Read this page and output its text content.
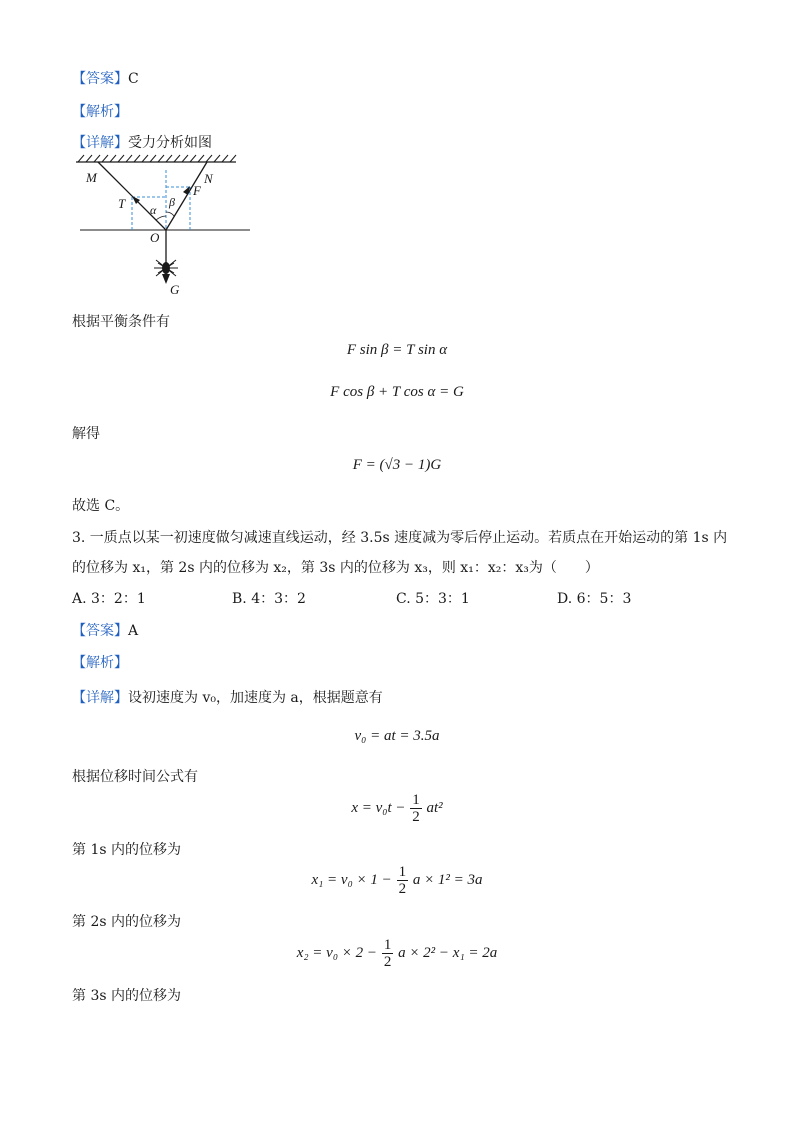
【答案】C
【解析】
【详解】受力分析如图
M	N
T
F
α
β
O
G
根据平衡条件有
F sin β = T sin α
F cos β + T cos α = G
解得
F = (√3 − 1)G
故选 C。
3. 一质点以某一初速度做匀减速直线运动，经 3.5s 速度减为零后停止运动。若质点在开始运动的第 1s 内
的位移为 x₁，第 2s 内的位移为 x₂，第 3s 内的位移为 x₃，则 x₁：x₂：x₃为（　　）
A. 3：2：1	B. 4：3：2	C. 5：3：1	D. 6：5：3
【答案】A
【解析】
【详解】设初速度为 v₀，加速度为 a，根据题意有
v₀ = at = 3.5a
根据位移时间公式有
$x = v_0t - \frac{1}{2} at^2$
第 1s 内的位移为
$x_1 = v_0 \times 1 - \frac{1}{2}$ a × 1² = 3a
第 2s 内的位移为
$x_2 = v_0 \times 2 - \frac{1}{2}$ a × 2² − x₁ = 2a
第 3s 内的位移为
